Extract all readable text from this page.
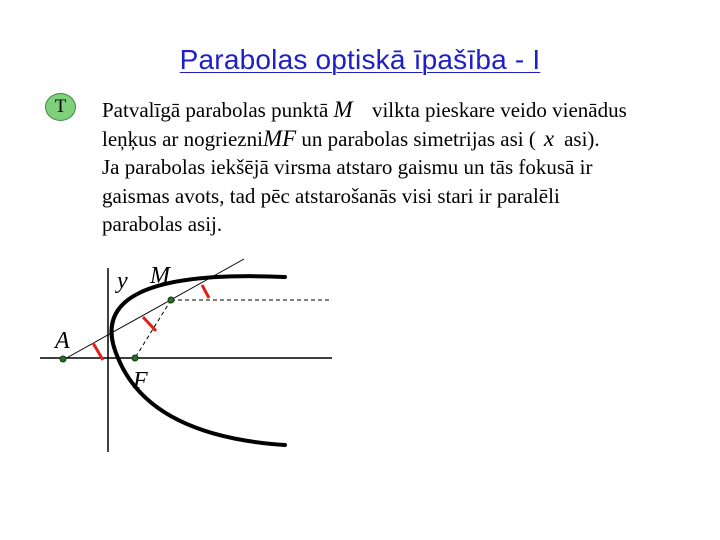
Parabolas optiskā īpašība - I
T	Patvalīgā parabolas punktā M vilkta pieskare veido vienādus
leņķus ar nogriezniMF un parabolas simetrijas asi ( x asi).
Ja parabolas iekšējā virsma atstaro gaismu un tās fokusā ir
gaismas avots, tad pēc atstarošanās visi stari ir paralēli
parabolas asij.
y M
A
F
